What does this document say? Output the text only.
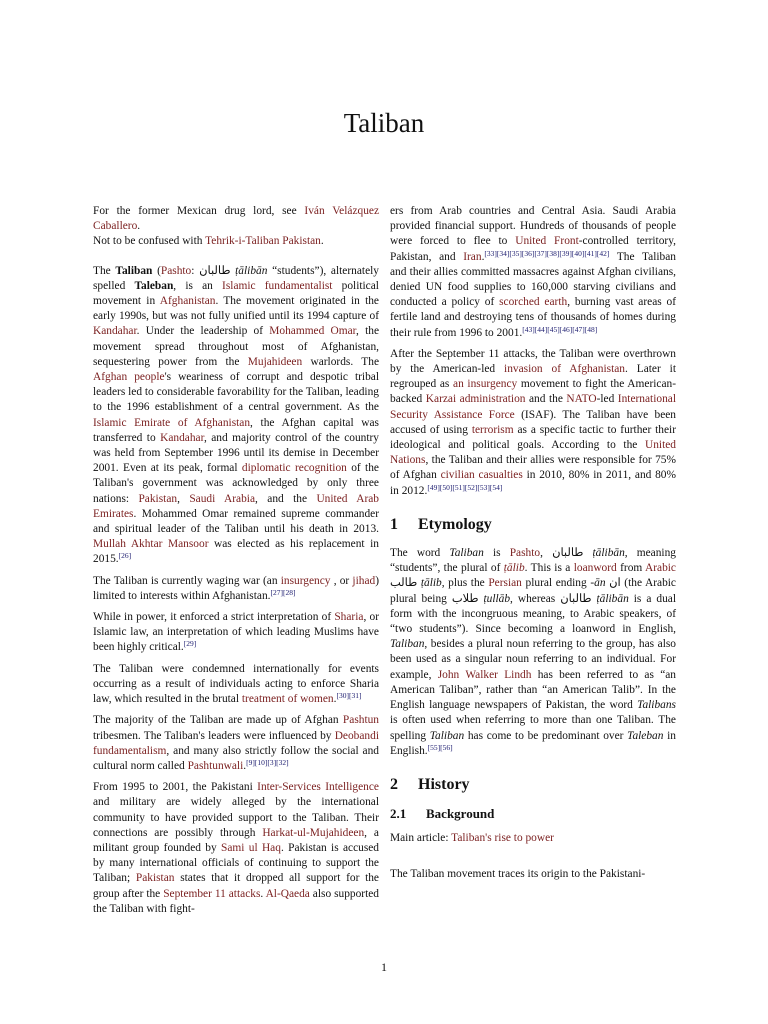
Taliban

For the former Mexican drug lord, see Iván Velázquez Caballero.

Not to be confused with Tehrik-i-Taliban Pakistan.

The Taliban (Pashto: طالبان ṭālibān “students”), alternately spelled Taleban, is an Islamic fundamentalist political movement in Afghanistan. The movement originated in the early 1990s, but was not fully unified until its 1994 capture of Kandahar. Under the leadership of Mohammed Omar, the movement spread throughout most of Afghanistan, sequestering power from the Mujahideen warlords. The Afghan people's weariness of corrupt and despotic tribal leaders led to considerable favorability for the Taliban, leading to the 1996 establishment of a central government. As the Islamic Emirate of Afghanistan, the Afghan capital was transferred to Kandahar, and majority control of the country was held from September 1996 until its demise in December 2001. Even at its peak, formal diplomatic recognition of the Taliban's government was acknowledged by only three nations: Pakistan, Saudi Arabia, and the United Arab Emirates. Mohammed Omar remained supreme commander and spiritual leader of the Taliban until his death in 2013. Mullah Akhtar Mansoor was elected as his replacement in 2015.[26]

The Taliban is currently waging war (an insurgency , or jihad) limited to interests within Afghanistan.[27][28]

While in power, it enforced a strict interpretation of Sharia, or Islamic law, an interpretation of which leading Muslims have been highly critical.[29]

The Taliban were condemned internationally for events occurring as a result of individuals acting to enforce Sharia law, which resulted in the brutal treatment of women.[30][31]

The majority of the Taliban are made up of Afghan Pashtun tribesmen. The Taliban's leaders were influenced by Deobandi fundamentalism, and many also strictly follow the social and cultural norm called Pashtunwali.[9][10][3][32]

From 1995 to 2001, the Pakistani Inter-Services Intelligence and military are widely alleged by the international community to have provided support to the Taliban. Their connections are possibly through Harkat-ul-Mujahideen, a militant group founded by Sami ul Haq. Pakistan is accused by many international officials of continuing to support the Taliban; Pakistan states that it dropped all support for the group after the September 11 attacks. Al-Qaeda also supported the Taliban with fight-

ers from Arab countries and Central Asia. Saudi Arabia provided financial support. Hundreds of thousands of people were forced to flee to United Front-controlled territory, Pakistan, and Iran.[33][34][35][36][37][38][39][40][41][42] The Taliban and their allies committed massacres against Afghan civilians, denied UN food supplies to 160,000 starving civilians and conducted a policy of scorched earth, burning vast areas of fertile land and destroying tens of thousands of homes during their rule from 1996 to 2001.[43][44][45][46][47][48]

After the September 11 attacks, the Taliban were overthrown by the American-led invasion of Afghanistan. Later it regrouped as an insurgency movement to fight the American-backed Karzai administration and the NATO-led International Security Assistance Force (ISAF). The Taliban have been accused of using terrorism as a specific tactic to further their ideological and political goals. According to the United Nations, the Taliban and their allies were responsible for 75% of Afghan civilian casualties in 2010, 80% in 2011, and 80% in 2012.[49][50][51][52][53][54]

1 Etymology

The word Taliban is Pashto, طالبان ṭālibān, meaning “students”, the plural of ṭālib. This is a loanword from Arabic طالب ṭālib, plus the Persian plural ending -ān ان (the Arabic plural being طلاب ṭullāb, whereas طالبان ṭālibān is a dual form with the incongruous meaning, to Arabic speakers, of “two students”). Since becoming a loanword in English, Taliban, besides a plural noun referring to the group, has also been used as a singular noun referring to an individual. For example, John Walker Lindh has been referred to as “an American Taliban”, rather than “an American Talib”. In the English language newspapers of Pakistan, the word Talibans is often used when referring to more than one Taliban. The spelling Taliban has come to be predominant over Taleban in English.[55][56]

2 History
2.1 Background

Main article: Taliban's rise to power

The Taliban movement traces its origin to the Pakistani-

1
